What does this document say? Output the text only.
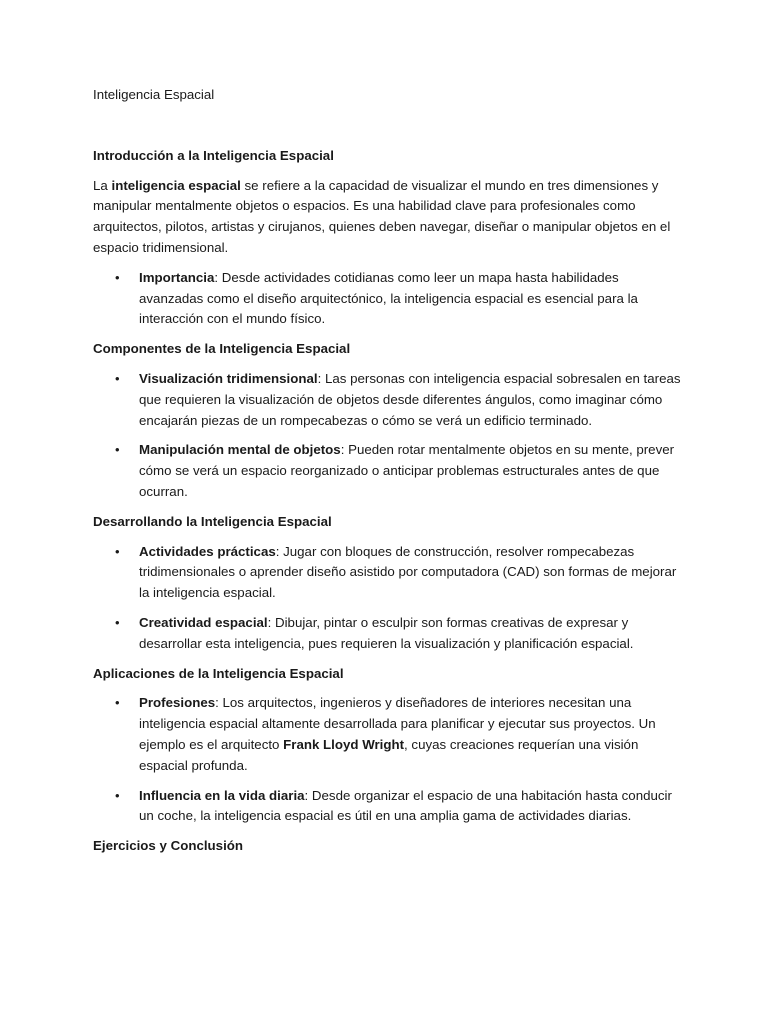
Inteligencia Espacial

Introducción a la Inteligencia Espacial

La inteligencia espacial se refiere a la capacidad de visualizar el mundo en tres dimensiones y manipular mentalmente objetos o espacios. Es una habilidad clave para profesionales como arquitectos, pilotos, artistas y cirujanos, quienes deben navegar, diseñar o manipular objetos en el espacio tridimensional.

• Importancia: Desde actividades cotidianas como leer un mapa hasta habilidades avanzadas como el diseño arquitectónico, la inteligencia espacial es esencial para la interacción con el mundo físico.

Componentes de la Inteligencia Espacial

• Visualización tridimensional: Las personas con inteligencia espacial sobresalen en tareas que requieren la visualización de objetos desde diferentes ángulos, como imaginar cómo encajarán piezas de un rompecabezas o cómo se verá un edificio terminado.
• Manipulación mental de objetos: Pueden rotar mentalmente objetos en su mente, prever cómo se verá un espacio reorganizado o anticipar problemas estructurales antes de que ocurran.

Desarrollando la Inteligencia Espacial

• Actividades prácticas: Jugar con bloques de construcción, resolver rompecabezas tridimensionales o aprender diseño asistido por computadora (CAD) son formas de mejorar la inteligencia espacial.
• Creatividad espacial: Dibujar, pintar o esculpir son formas creativas de expresar y desarrollar esta inteligencia, pues requieren la visualización y planificación espacial.

Aplicaciones de la Inteligencia Espacial

• Profesiones: Los arquitectos, ingenieros y diseñadores de interiores necesitan una inteligencia espacial altamente desarrollada para planificar y ejecutar sus proyectos. Un ejemplo es el arquitecto Frank Lloyd Wright, cuyas creaciones requerían una visión espacial profunda.
• Influencia en la vida diaria: Desde organizar el espacio de una habitación hasta conducir un coche, la inteligencia espacial es útil en una amplia gama de actividades diarias.

Ejercicios y Conclusión
